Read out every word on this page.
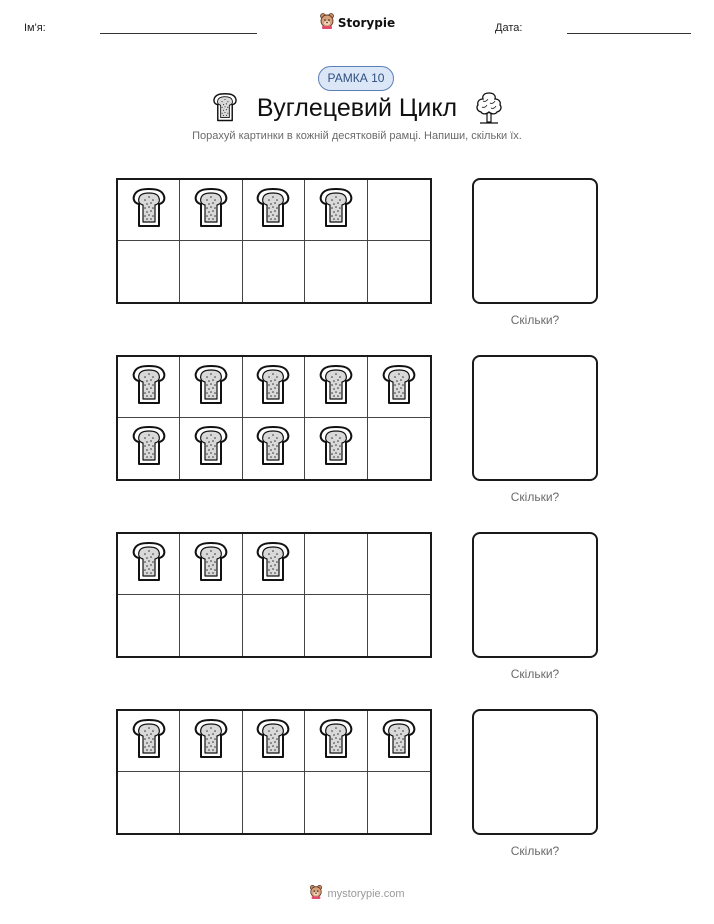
Ім'я:	Storypie	Дата:
РАМКА 10
Вуглецевий Цикл
Порахуй картинки в кожній десятковій рамці. Напиши, скільки їх.
Скільки?
Скільки?
Скільки?
Скільки?
mystorypie.com
